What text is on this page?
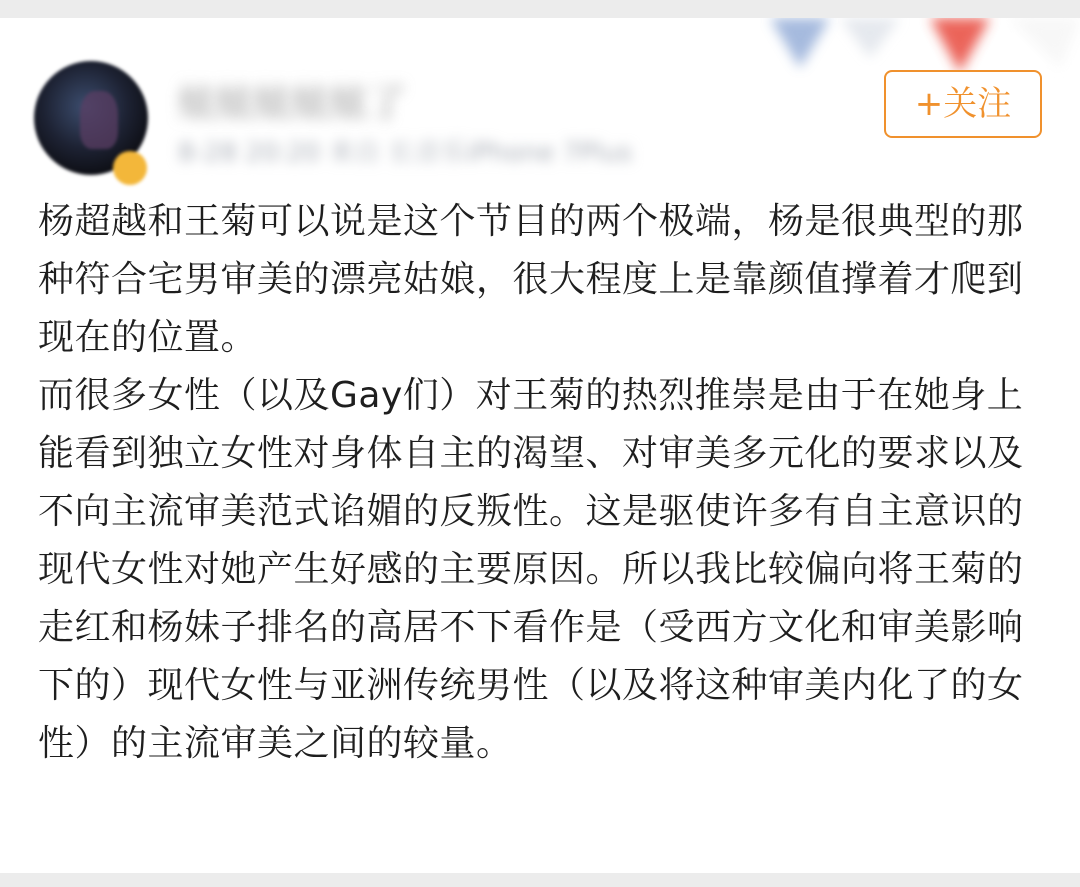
炫炫炫炫炫了
8-28 20:20 来自 长音乐iPhone 7Plus
+关注

杨超越和王菊可以说是这个节目的两个极端，杨是很典型的那种符合宅男审美的漂亮姑娘，很大程度上是靠颜值撑着才爬到现在的位置。

而很多女性（以及Gay们）对王菊的热烈推崇是由于在她身上能看到独立女性对身体自主的渴望、对审美多元化的要求以及不向主流审美范式谄媚的反叛性。这是驱使许多有自主意识的现代女性对她产生好感的主要原因。所以我比较偏向将王菊的走红和杨妹子排名的高居不下看作是（受西方文化和审美影响下的）现代女性与亚洲传统男性（以及将这种审美内化了的女性）的主流审美之间的较量。
